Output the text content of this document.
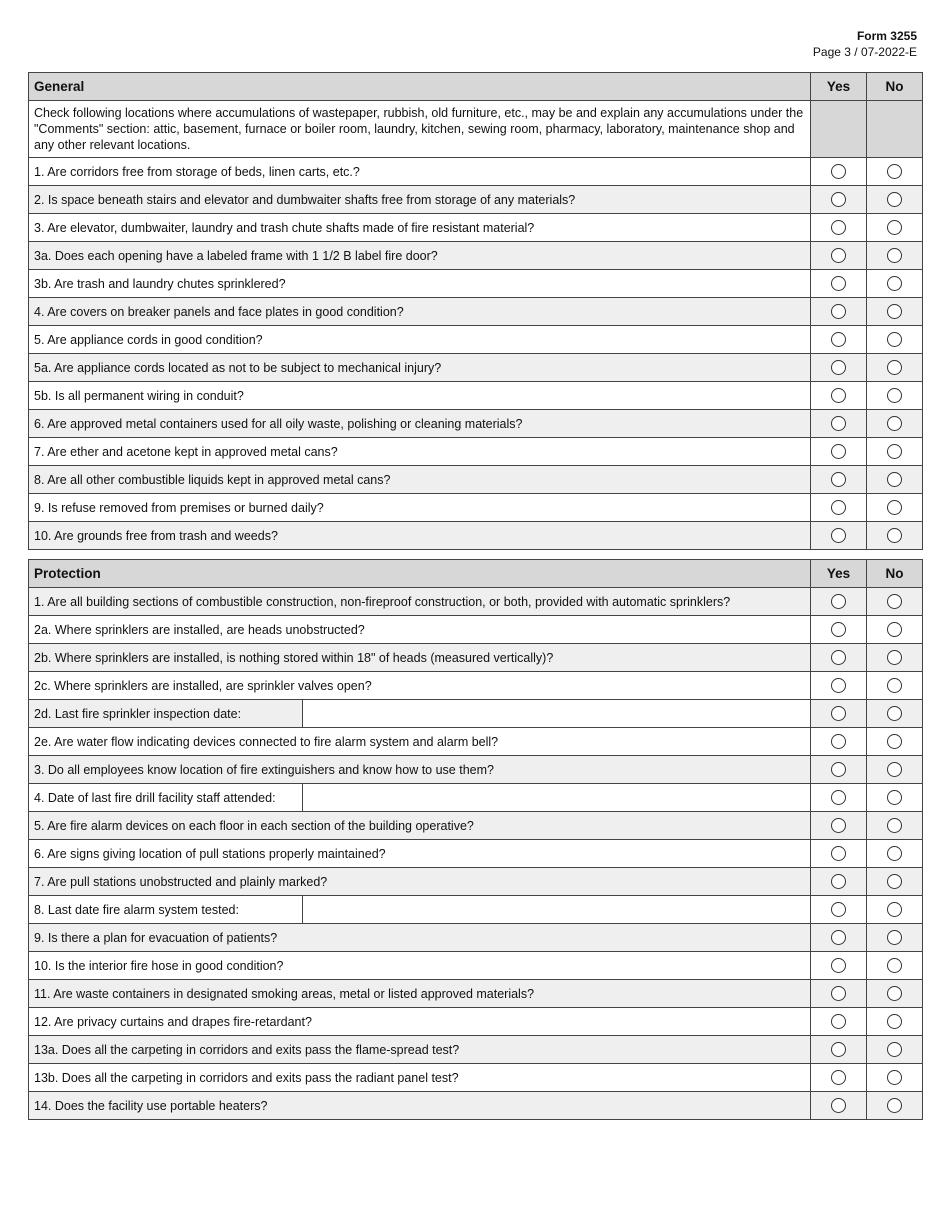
Form 3255
Page 3 / 07-2022-E
General	Yes	No
Check following locations where accumulations of wastepaper, rubbish, old furniture, etc., may be and explain any accumulations under the "Comments" section: attic, basement, furnace or boiler room, laundry, kitchen, sewing room, pharmacy, laboratory, maintenance shop and any other relevant locations.		
1. Are corridors free from storage of beds, linen carts, etc.?		
2. Is space beneath stairs and elevator and dumbwaiter shafts free from storage of any materials?		
3. Are elevator, dumbwaiter, laundry and trash chute shafts made of fire resistant material?		
3a. Does each opening have a labeled frame with 1 1/2 B label fire door?		
3b. Are trash and laundry chutes sprinklered?		
4. Are covers on breaker panels and face plates in good condition?		
5. Are appliance cords in good condition?		
5a. Are appliance cords located as not to be subject to mechanical injury?		
5b. Is all permanent wiring in conduit?		
6. Are approved metal containers used for all oily waste, polishing or cleaning materials?		
7. Are ether and acetone kept in approved metal cans?		
8. Are all other combustible liquids kept in approved metal cans?		
9. Is refuse removed from premises or burned daily?		
10. Are grounds free from trash and weeds?		
Protection	Yes	No
1. Are all building sections of combustible construction, non-fireproof construction, or both, provided with automatic sprinklers?		
2a. Where sprinklers are installed, are heads unobstructed?		
2b. Where sprinklers are installed, is nothing stored within 18" of heads (measured vertically)?		
2c. Where sprinklers are installed, are sprinkler valves open?		

2d. Last fire sprinkler inspection date:		

2e. Are water flow indicating devices connected to fire alarm system and alarm bell?		
3. Do all employees know location of fire extinguishers and know how to use them?		

4. Date of last fire drill facility staff attended:		

5. Are fire alarm devices on each floor in each section of the building operative?		
6. Are signs giving location of pull stations properly maintained?		
7. Are pull stations unobstructed and plainly marked?		

8. Last date fire alarm system tested:		

9. Is there a plan for evacuation of patients?		
10. Is the interior fire hose in good condition?		
11. Are waste containers in designated smoking areas, metal or listed approved materials?		
12. Are privacy curtains and drapes fire-retardant?		
13a. Does all the carpeting in corridors and exits pass the flame-spread test?		
13b. Does all the carpeting in corridors and exits pass the radiant panel test?		
14. Does the facility use portable heaters?		
